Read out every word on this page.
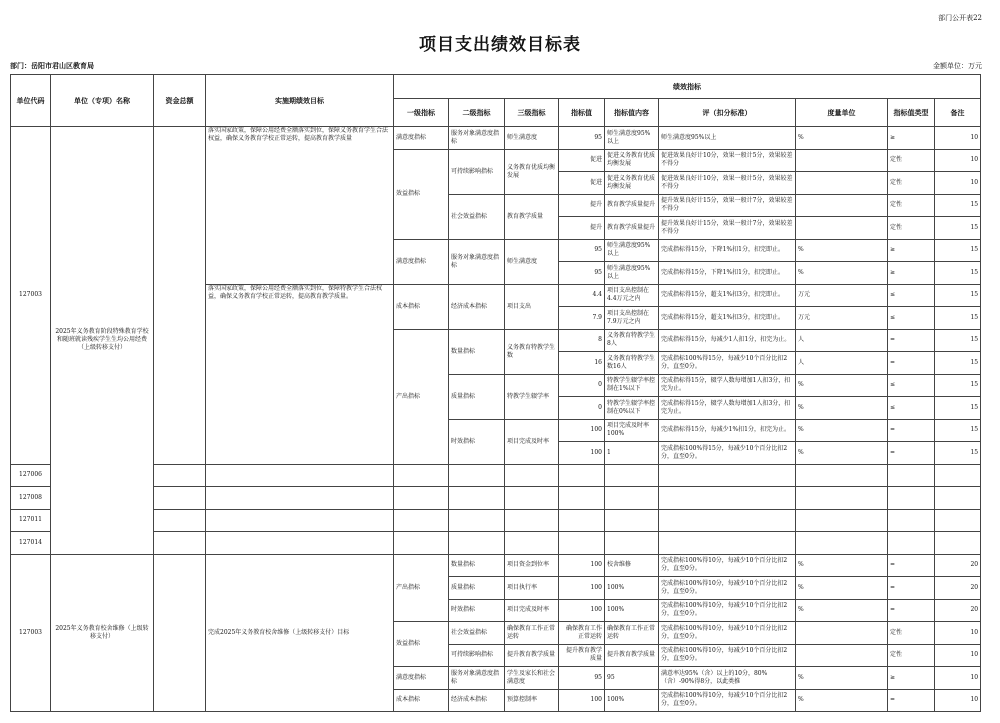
部门公开表22
项目支出绩效目标表
部门：岳阳市君山区教育局	金额单位：万元
单位代码	单位（专项）名称	资金总额	实施期绩效目标	绩效指标								
				一级指标	二级指标	三级指标	指标值	指标值内容	评（扣分标准）	度量单位	指标值类型	备注
127003	2025年义务教育阶段特殊教育学校和随班就读残疾学生生均公用经费（上级转移支付）		落实国家政策，保障公用经费全额落实到位，保障义务教育学生合法权益，确保义务教育学校正常运转，提高教育教学质量	满意度指标	服务对象满意度指标	师生满意度	95	师生满意度95%以上	师生满意度95%以上	%	≥	10
				效益指标	可持续影响指标	义务教育优质均衡发展	促进	促进义务教育优质均衡发展	促进效果良好计10分，效果一般计5分，效果较差不得分		定性	10
							促进	促进义务教育优质均衡发展	促进效果良好计10分，效果一般计5分，效果较差不得分		定性	10
					社会效益指标	教育教学质量	提升	教育教学质量提升	提升效果良好计15分，效果一般计7分，效果较差不得分		定性	15
							提升	教育教学质量提升	提升效果良好计15分，效果一般计7分，效果较差不得分		定性	15
				满意度指标	服务对象满意度指标	师生满意度	95	师生满意度95%以上	完成指标得15分，下降1%扣1分，扣完即止。	%	≥	15
							95	师生满意度95%以上	完成指标得15分，下降1%扣1分，扣完即止。	%	≥	15
			落实国家政策，保障公用经费全额落实到位，保障特教学生合法权益，确保义务教育学校正常运转，提高教育教学质量。	成本指标	经济成本指标	项目支出	4.4	项目支出控制在4.4万元之内	完成指标得15分，超支1%扣3分，扣完即止。	万元	≤	15
							7.9	项目支出控制在7.9万元之内	完成指标得15分，超支1%扣3分，扣完即止。	万元	≤	15
				产出指标	数量指标	义务教育特教学生数	8	义务教育特教学生8人	完成指标得15分，每减少1人扣1分，扣完为止。	人	=	15
							16	义务教育特教学生数16人	完成指标100%得15分，每减少10个百分比扣2分，直至0分。	人	=	15
					质量指标	特教学生辍学率	0	特教学生辍学率控制在1%以下	完成指标得15分，辍学人数每增加1人扣3分，扣完为止。	%	≤	15
							0	特教学生辍学率控制在0%以下	完成指标得15分，辍学人数每增加1人扣3分，扣完为止。	%	≤	15
					时效指标	项目完成及时率	100	项目完成及时率100%	完成指标得15分，每减少1%扣1分，扣完为止。	%	=	15
							100	1	完成指标100%得15分，每减少10个百分比扣2分，直至0分。	%	=	15
127006												
127008												
127011												
127014												
127003	2025年义务教育校舍维修（上级转移支付）		完成2025年义务教育校舍维修（上级转移支付）目标	产出指标	数量指标	项目资金到位率	100	校舍维修	完成指标100%得10分，每减少10个百分比扣2分，直至0分。	%	=	20
					质量指标	项目执行率	100	100%	完成指标100%得10分，每减少10个百分比扣2分，直至0分。	%	=	20
					时效指标	项目完成及时率	100	100%	完成指标100%得10分，每减少10个百分比扣2分，直至0分。	%	=	20
				效益指标	社会效益指标	确保教育工作正常运转	确保教育工作正常运转	确保教育工作正常运转	完成指标100%得10分，每减少10个百分比扣2分，直至0分。		定性	10
					可持续影响指标	提升教育教学质量	提升教育教学质量	提升教育教学质量	完成指标100%得10分，每减少10个百分比扣2分，直至0分。		定性	10
				满意度指标	服务对象满意度指标	学生及家长和社会满意度	95	95	满意率达95%（含）以上的10分，80%（含）-90%得8分，以此类推	%	≥	10
				成本指标	经济成本指标	预算控制率	100	100%	完成指标100%得10分，每减少10个百分比扣2分，直至0分。	%	=	10
